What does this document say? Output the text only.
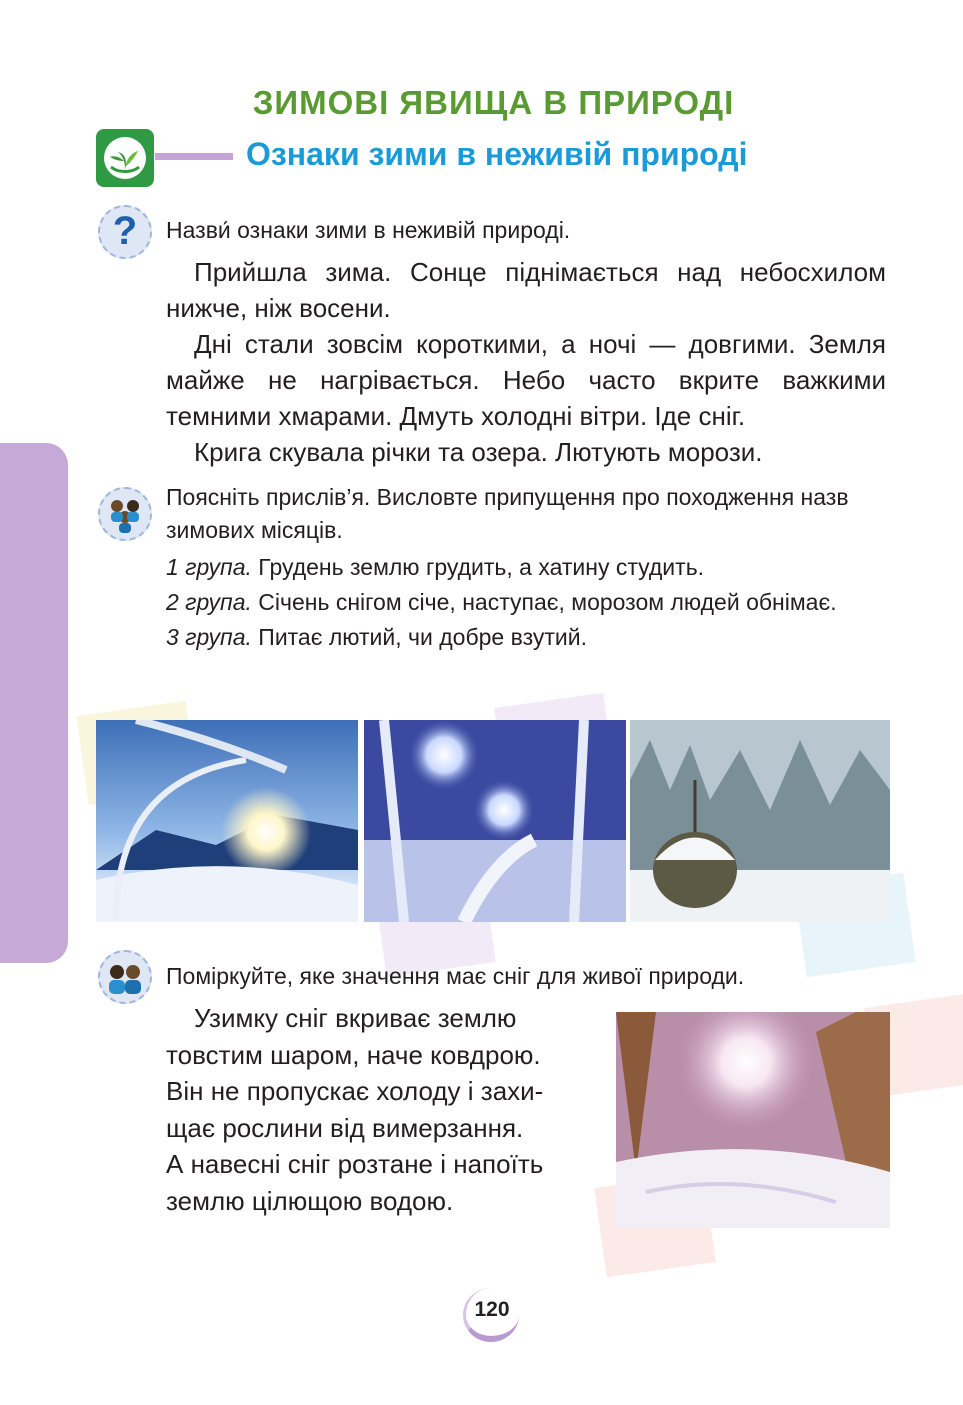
ЗИМОВІ ЯВИЩА В ПРИРОДІ
Ознаки зими в неживій природі
?	Назви́ ознаки зими в неживій природі.

Прийшла зима. Сонце піднімається над небосхилом нижче, ніж восени.

Дні стали зовсім короткими, а ночі — довгими. Земля майже не нагрівається. Небо часто вкрите важкими темними хмарами. Дмуть холодні вітри. Іде сніг.

Крига скувала річки та озера. Лютують морози.

Поясніть прислів’я. Висловте припущення про походження назв зимових місяців.

1 група. Грудень землю грудить, а хатину студить.
2 група. Січень снігом січе, наступає, морозом людей обнімає.
3 група. Питає лютий, чи добре взутий.

Поміркуйте, яке значення має сніг для живої природи.

Узимку сніг вкриває землю
товстим шаром, наче ковдрою.
Він не пропускає холоду і захи-
щає рослини від вимерзання.
А навесні сніг розтане і напоїть
землю цілющою водою.
120
